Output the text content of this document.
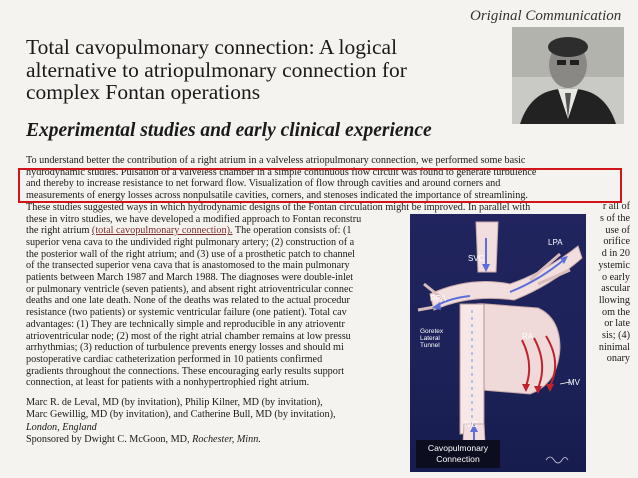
Original Communication
Total cavopulmonary connection: A logical
alternative to atriopulmonary connection for
complex Fontan operations
Experimental studies and early clinical experience
To understand better the contribution of a right atrium in a valveless atriopulmonary connection, we performed some basic
hydrodynamic studies. Pulsation of a valveless chamber in a simple continuous flow circuit was found to generate turbulence
and thereby to increase resistance to net forward flow. Visualization of flow through cavities and around corners and
measurements of energy losses across nonpulsatile cavities, corners, and stenoses indicated the importance of streamlining.
These studies suggested ways in which hydrodynamic designs of the Fontan circulation might be improved. In parallel with
these in vitro studies, we have developed a modified approach to Fontan reconstru
the right atrium (total cavopulmonary connection). The operation consists of: (1
superior vena cava to the undivided right pulmonary artery; (2) construction of a
the posterior wall of the right atrium; and (3) use of a prosthetic patch to channel
of the transected superior vena cava that is anastomosed to the main pulmonary
patients between March 1987 and March 1988. The diagnoses were double-inlet
or pulmonary ventricle (seven patients), and absent right atrioventricular connec
deaths and one late death. None of the deaths was related to the actual procedur
resistance (two patients) or systemic ventricular failure (one patient). Total cav
advantages: (1) They are technically simple and reproducible in any atrioventr
atrioventricular node; (2) most of the right atrial chamber remains at low pressu
arrhythmias; (3) reduction of turbulence prevents energy losses and should mi
postoperative cardiac catheterization performed in 10 patients confirmed
gradients throughout the connections. These encouraging early results support
connection, at least for patients with a nonhypertrophied right atrium.
r all of
s of the
use of
orifice
d in 20
ystemic
o early
ascular
llowing
om the
or late
sis; (4)
ninimal
onary
Marc R. de Leval, MD (by invitation), Philip Kilner, MD (by invitation),
Marc Gewillig, MD (by invitation), and Catherine Bull, MD (by invitation),
London, England
Sponsored by Dwight C. McGoon, MD, Rochester, Minn.
SVC
LPA
RPA
RA
MV
IVC
Goretex
Lateral
Tunnel
Cavopulmonary
Connection
